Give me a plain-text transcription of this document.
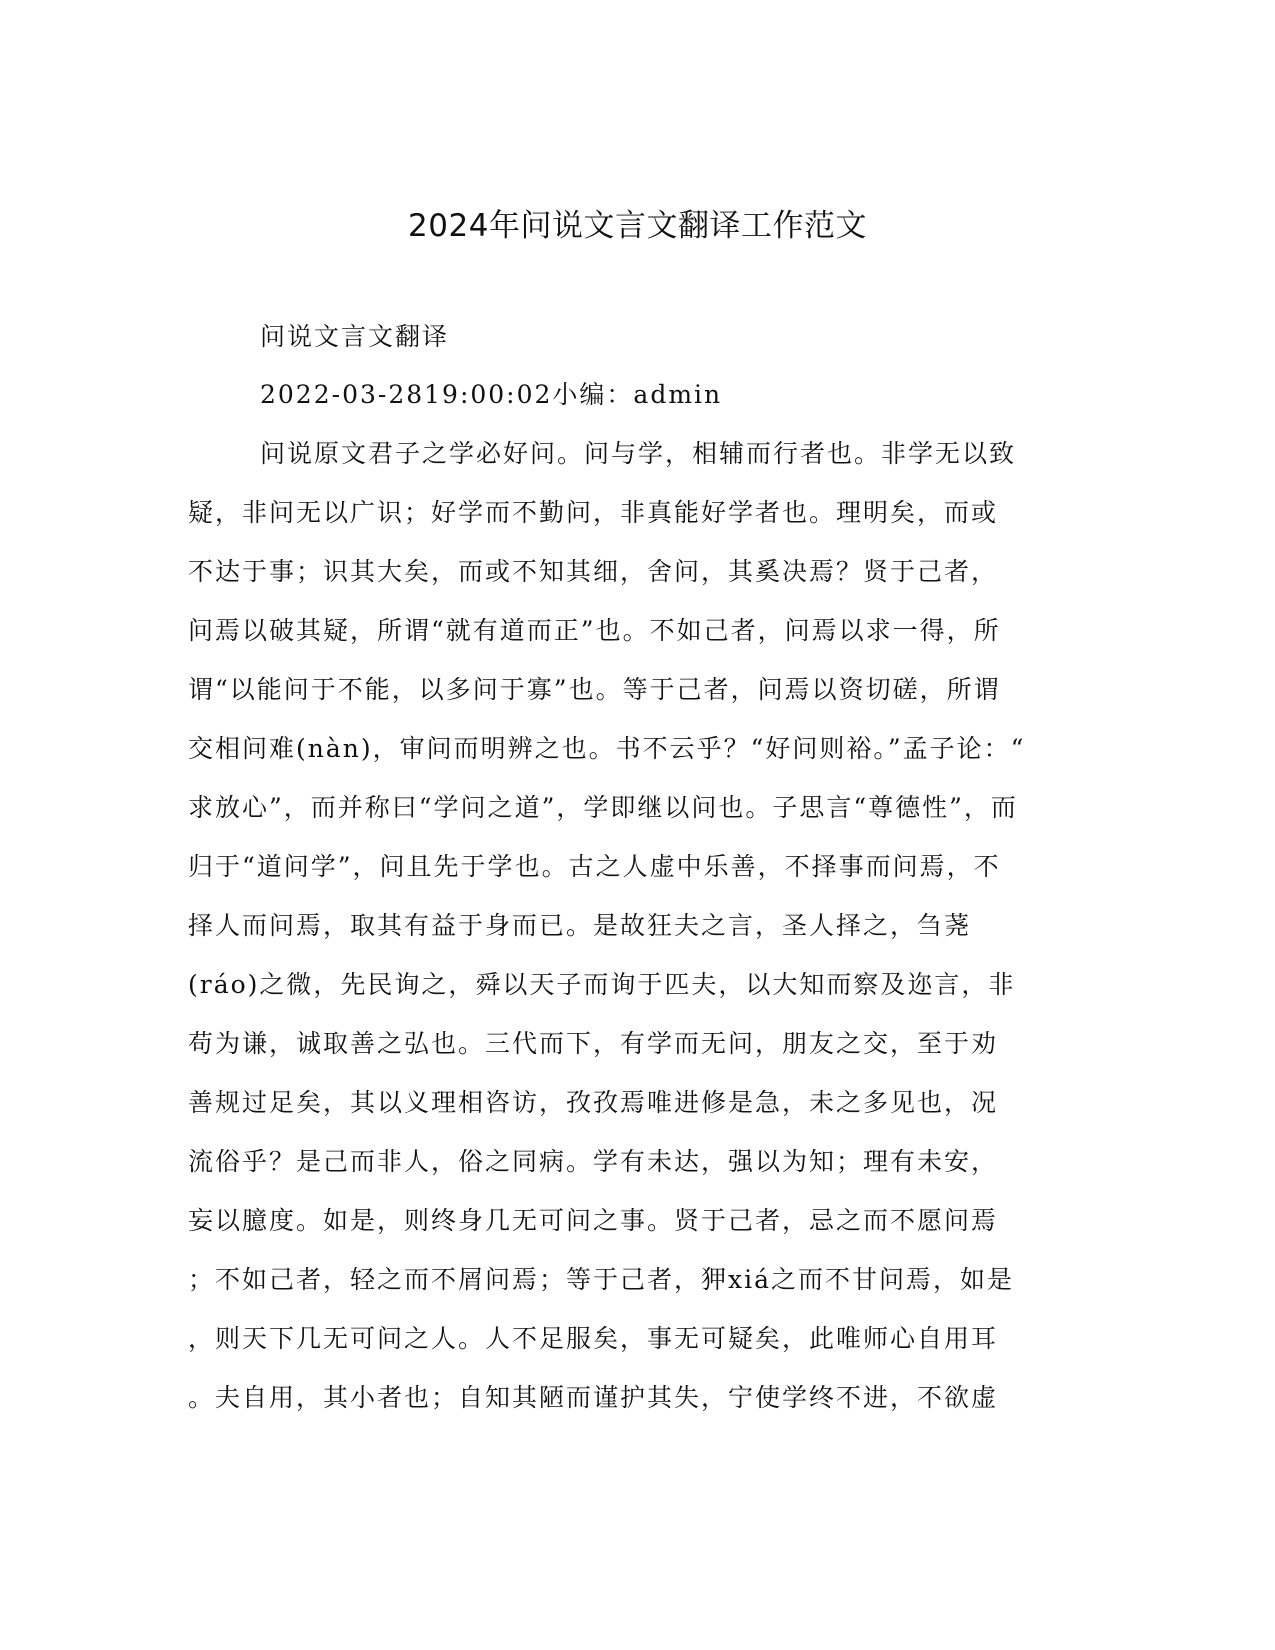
2024年问说文言文翻译工作范文

问说文言文翻译

2022-03-2819:00:02小编：admin

问说原文君子之学必好问。问与学，相辅而行者也。非学无以致

疑，非问无以广识；好学而不勤问，非真能好学者也。理明矣，而或

不达于事；识其大矣，而或不知其细，舍问，其奚决焉？贤于己者，

问焉以破其疑，所谓“就有道而正”也。不如己者，问焉以求一得，所

谓“以能问于不能，以多问于寡”也。等于己者，问焉以资切磋，所谓

交相问难(nàn)，审问而明辨之也。书不云乎？“好问则裕。”孟子论：“

求放心”，而并称曰“学问之道”，学即继以问也。子思言“尊德性”，而

归于“道问学”，问且先于学也。古之人虚中乐善，不择事而问焉，不

择人而问焉，取其有益于身而已。是故狂夫之言，圣人择之，刍荛

(ráo)之微，先民询之，舜以天子而询于匹夫，以大知而察及迩言，非

苟为谦，诚取善之弘也。三代而下，有学而无问，朋友之交，至于劝

善规过足矣，其以义理相咨访，孜孜焉唯进修是急，未之多见也，况

流俗乎？是己而非人，俗之同病。学有未达，强以为知；理有未安，

妄以臆度。如是，则终身几无可问之事。贤于己者，忌之而不愿问焉

；不如己者，轻之而不屑问焉；等于己者，狎xiá之而不甘问焉，如是

，则天下几无可问之人。人不足服矣，事无可疑矣，此唯师心自用耳

。夫自用，其小者也；自知其陋而谨护其失，宁使学终不进，不欲虚
